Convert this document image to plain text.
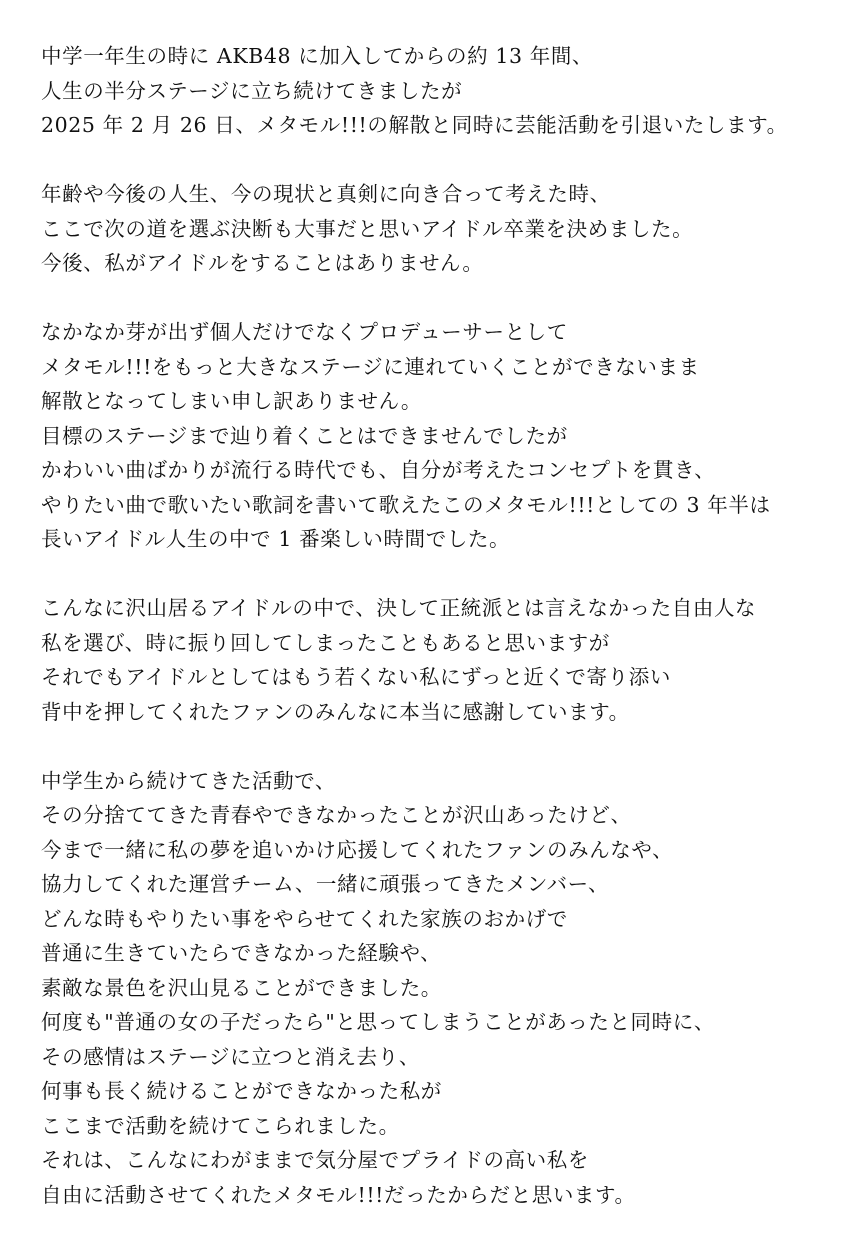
中学一年生の時に AKB48 に加入してからの約 13 年間、
人生の半分ステージに立ち続けてきましたが
2025 年 2 月 26 日、メタモル!!!の解散と同時に芸能活動を引退いたします。
年齢や今後の人生、今の現状と真剣に向き合って考えた時、
ここで次の道を選ぶ決断も大事だと思いアイドル卒業を決めました。
今後、私がアイドルをすることはありません。
なかなか芽が出ず個人だけでなくプロデューサーとして
メタモル!!!をもっと大きなステージに連れていくことができないまま
解散となってしまい申し訳ありません。
目標のステージまで辿り着くことはできませんでしたが
かわいい曲ばかりが流行る時代でも、自分が考えたコンセプトを貫き、
やりたい曲で歌いたい歌詞を書いて歌えたこのメタモル!!!としての 3 年半は
長いアイドル人生の中で 1 番楽しい時間でした。
こんなに沢山居るアイドルの中で、決して正統派とは言えなかった自由人な
私を選び、時に振り回してしまったこともあると思いますが
それでもアイドルとしてはもう若くない私にずっと近くで寄り添い
背中を押してくれたファンのみんなに本当に感謝しています。
中学生から続けてきた活動で、
その分捨ててきた青春やできなかったことが沢山あったけど、
今まで一緒に私の夢を追いかけ応援してくれたファンのみんなや、
協力してくれた運営チーム、一緒に頑張ってきたメンバー、
どんな時もやりたい事をやらせてくれた家族のおかげで
普通に生きていたらできなかった経験や、
素敵な景色を沢山見ることができました。
何度も"普通の女の子だったら"と思ってしまうことがあったと同時に、
その感情はステージに立つと消え去り、
何事も長く続けることができなかった私が
ここまで活動を続けてこられました。
それは、こんなにわがままで気分屋でプライドの高い私を
自由に活動させてくれたメタモル!!!だったからだと思います。
